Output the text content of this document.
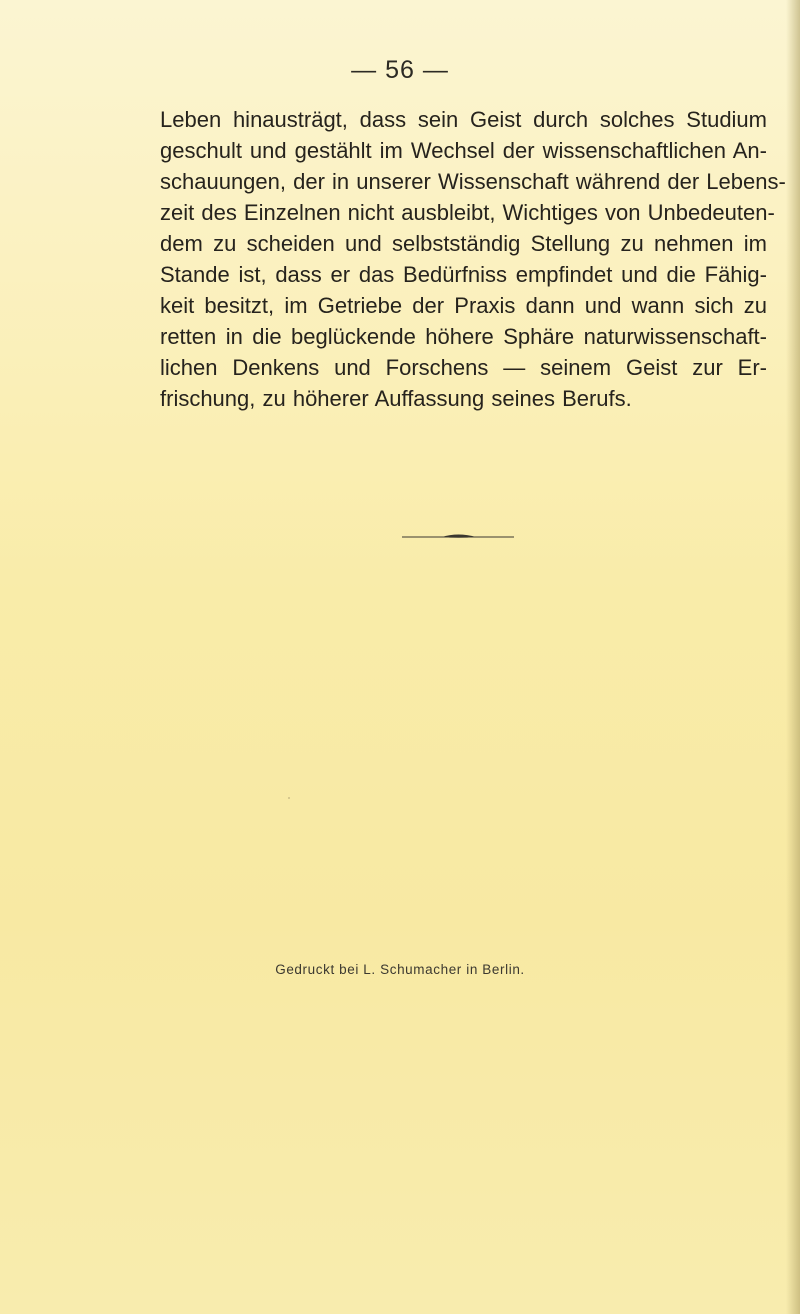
— 56 —
Leben hinausträgt, dass sein Geist durch solches Studium
geschult und gestählt im Wechsel der wissenschaftlichen An-
schauungen, der in unserer Wissenschaft während der Lebens-
zeit des Einzelnen nicht ausbleibt, Wichtiges von Unbedeuten-
dem zu scheiden und selbstständig Stellung zu nehmen im
Stande ist, dass er das Bedürfniss empfindet und die Fähig-
keit besitzt, im Getriebe der Praxis dann und wann sich zu
retten in die beglückende höhere Sphäre naturwissenschaft-
lichen Denkens und Forschens — seinem Geist zur Er-
frischung, zu höherer Auffassung seines Berufs.
Gedruckt bei L. Schumacher in Berlin.
